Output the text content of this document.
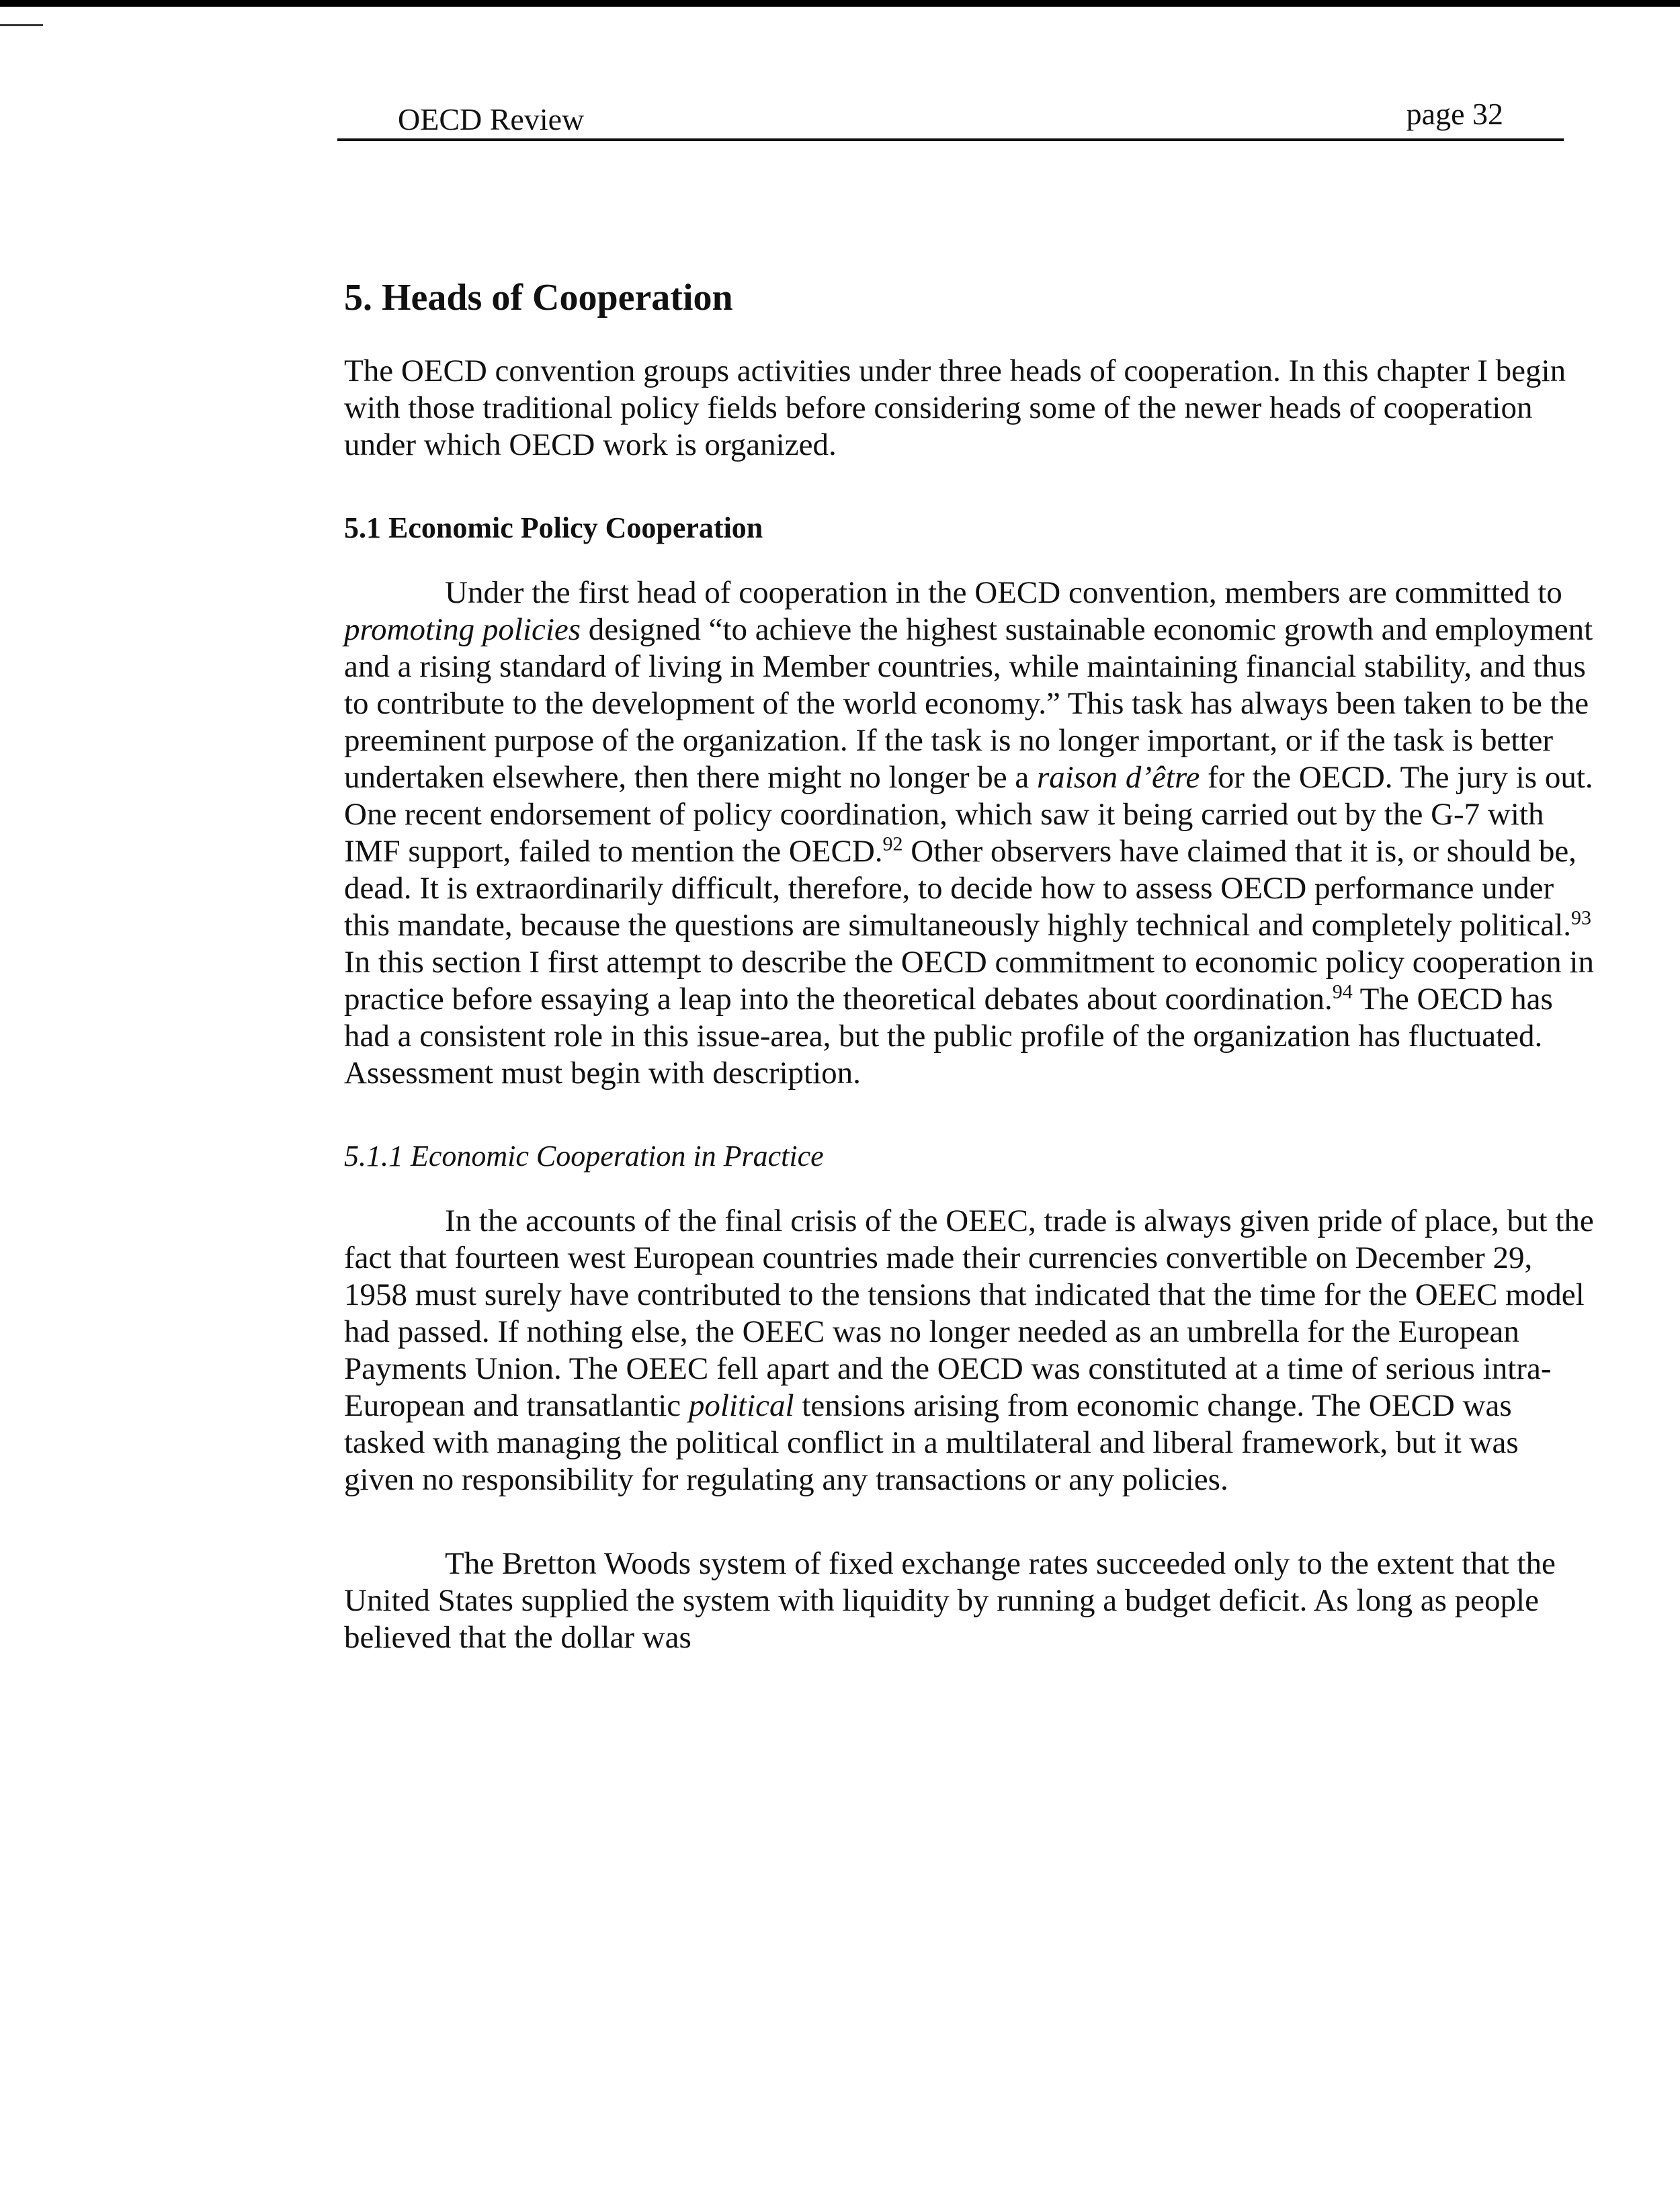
OECD Review	page 32
5. Heads of Cooperation

The OECD convention groups activities under three heads of cooperation. In this chapter I begin with those traditional policy fields before considering some of the newer heads of cooperation under which OECD work is organized.

5.1 Economic Policy Cooperation

Under the first head of cooperation in the OECD convention, members are committed to promoting policies designed “to achieve the highest sustainable economic growth and employment and a rising standard of living in Member countries, while maintaining financial stability, and thus to contribute to the development of the world economy.” This task has always been taken to be the preeminent purpose of the organization. If the task is no longer important, or if the task is better undertaken elsewhere, then there might no longer be a raison d’être for the OECD. The jury is out. One recent endorsement of policy coordination, which saw it being carried out by the G-7 with IMF support, failed to mention the OECD.$^{92}$ Other observers have claimed that it is, or should be, dead. It is extraordinarily difficult, therefore, to decide how to assess OECD performance under this mandate, because the questions are simultaneously highly technical and completely political.$^{93}$ In this section I first attempt to describe the OECD commitment to economic policy cooperation in practice before essaying a leap into the theoretical debates about coordination.$^{94}$ The OECD has had a consistent role in this issue-area, but the public profile of the organization has fluctuated. Assessment must begin with description.

5.1.1 Economic Cooperation in Practice

In the accounts of the final crisis of the OEEC, trade is always given pride of place, but the fact that fourteen west European countries made their currencies convertible on December 29, 1958 must surely have contributed to the tensions that indicated that the time for the OEEC model had passed. If nothing else, the OEEC was no longer needed as an umbrella for the European Payments Union. The OEEC fell apart and the OECD was constituted at a time of serious intra-European and transatlantic political tensions arising from economic change. The OECD was tasked with managing the political conflict in a multilateral and liberal framework, but it was given no responsibility for regulating any transactions or any policies.

The Bretton Woods system of fixed exchange rates succeeded only to the extent that the United States supplied the system with liquidity by running a budget deficit. As long as people believed that the dollar was
